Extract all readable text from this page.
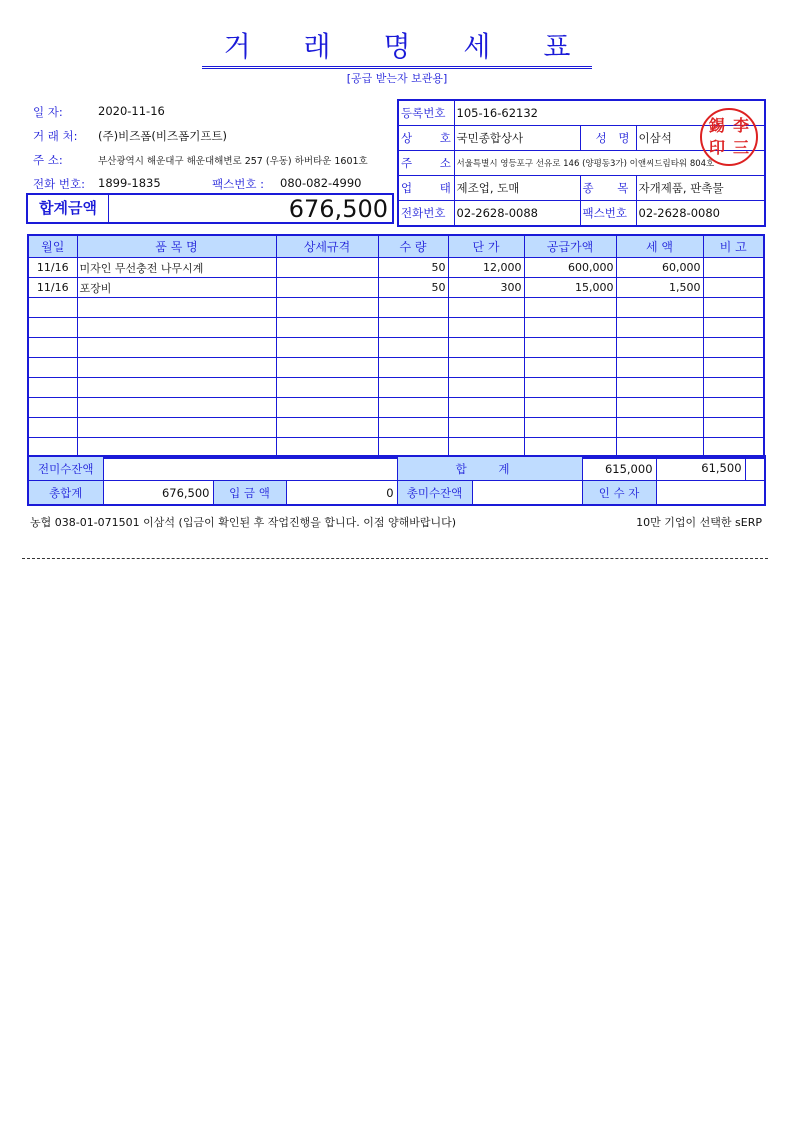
거 래 명 세 표
[공급 받는자 보관용]
일 자:	2020-11-16
거 래 처: (주)비즈폼(비즈폼기프트)
주 소:	부산광역시 해운대구 해운대해변로 257 (우동) 하버타운 1601호
전화 번호: 1899-1835	팩스번호 : 080-082-4990
합계금액	676,500
등록번호	105-16-62132		
상 호	국민종합상사	성 명	이삼석
주 소	서울특별시 영등포구 선유로 146 (양평동3가) 이앤씨드림타워 804호		
업 태	제조업, 도매	종 목	자개제품, 판촉물
전화번호	02-2628-0088	팩스번호	02-2628-0080
錫 李
印 三
월일	품 목 명	상세규격	수 량	단 가	공급가액	세 액	비 고
11/16	미자인 무선충전 나무시계		50	12,000	600,000	60,000	
11/16	포장비		50	300	15,000	1,500	

전미수잔액				합 계		615,000	61,500

총합계	676,500	입 금 액	0	총미수잔액		인 수 자	
농협 038-01-071501 이삼석 (입금이 확인된 후 작업진행을 합니다. 이점 양해바랍니다)	10만 기업이 선택한 sERP
